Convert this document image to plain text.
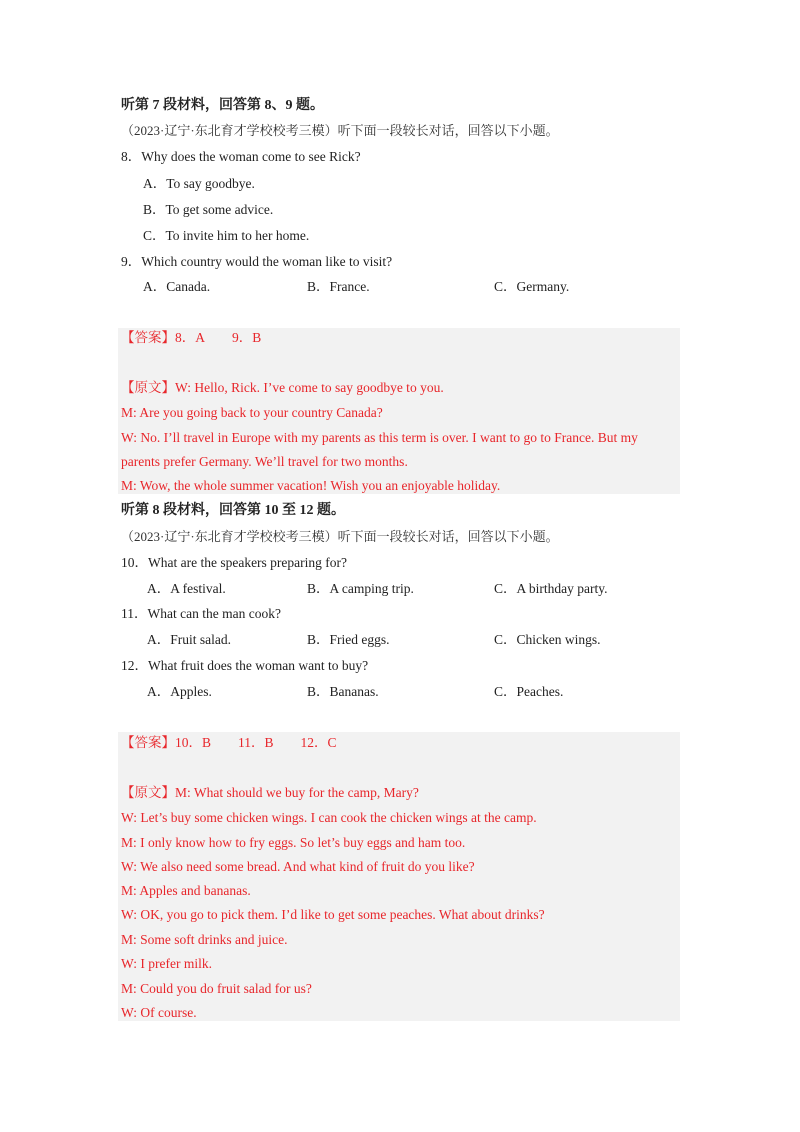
听第 7 段材料，回答第 8、9 题。
（2023·辽宁·东北育才学校校考三模）听下面一段较长对话，回答以下小题。
8．Why does the woman come to see Rick?
A．To say goodbye.
B．To get some advice.
C．To invite him to her home.
9．Which country would the woman like to visit?
A．Canada.	B．France.	C．Germany.
【答案】8．A        9．B
【原文】W: Hello, Rick. I’ve come to say goodbye to you.
M: Are you going back to your country Canada?
W: No. I’ll travel in Europe with my parents as this term is over. I want to go to France. But my
parents prefer Germany. We’ll travel for two months.
M: Wow, the whole summer vacation! Wish you an enjoyable holiday.
听第 8 段材料，回答第 10 至 12 题。
（2023·辽宁·东北育才学校校考三模）听下面一段较长对话，回答以下小题。
10．What are the speakers preparing for?
A．A festival.	B．A camping trip.	C．A birthday party.
11．What can the man cook?
A．Fruit salad.	B．Fried eggs.	C．Chicken wings.
12．What fruit does the woman want to buy?
A．Apples.	B．Bananas.	C．Peaches.
【答案】10．B        11．B        12．C
【原文】M: What should we buy for the camp, Mary?
W: Let’s buy some chicken wings. I can cook the chicken wings at the camp.
M: I only know how to fry eggs. So let’s buy eggs and ham too.
W: We also need some bread. And what kind of fruit do you like?
M: Apples and bananas.
W: OK, you go to pick them. I’d like to get some peaches. What about drinks?
M: Some soft drinks and juice.
W: I prefer milk.
M: Could you do fruit salad for us?
W: Of course.
